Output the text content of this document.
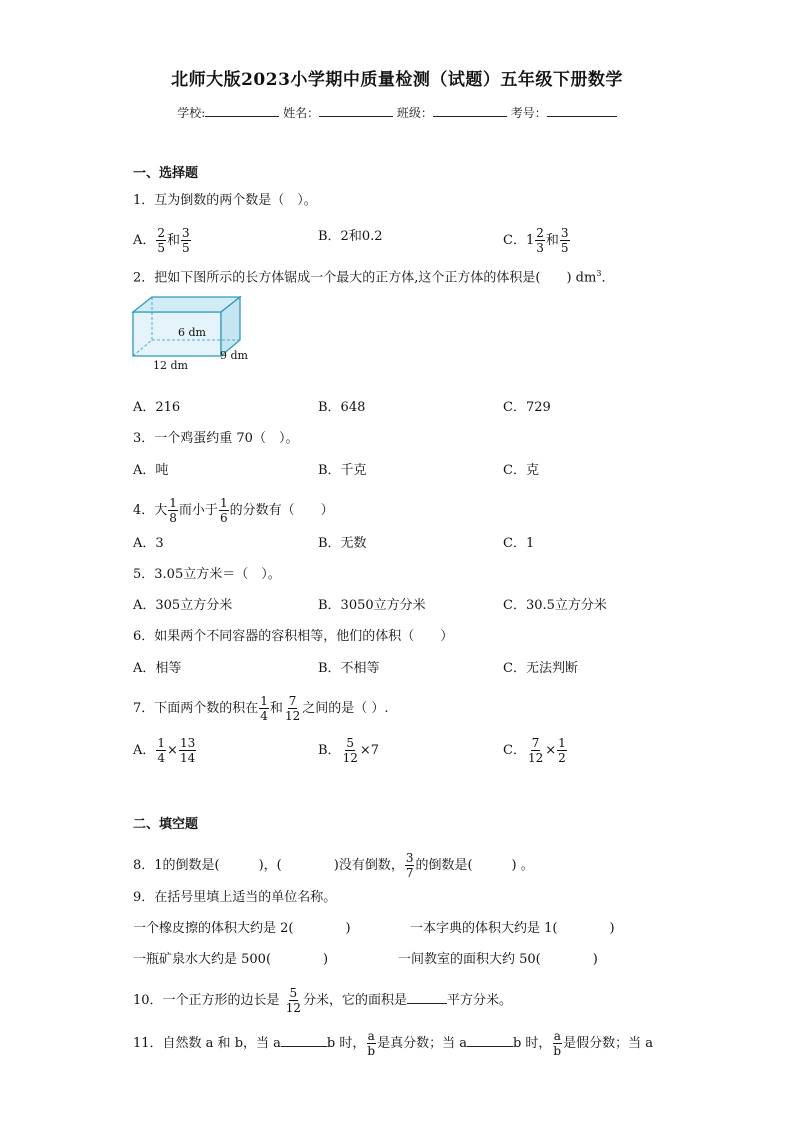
北师大版2023小学期中质量检测（试题）五年级下册数学
学校:	姓名：	班级：	考号：
一、选择题
1．互为倒数的两个数是（　）。
A． $\frac{2}{5}$ 和 $\frac{3}{5}$	B．2和0.2	C．$1 \frac{2}{3}$ 和 $\frac{3}{5}$
2．把如下图所示的长方体锯成一个最大的正方体,这个正方体的体积是(　　) $dm^3$．
6 dm
9 dm
12 dm
A．216	B．648	C．729
3．一个鸡蛋约重 70（　）。
A．吨	B．千克	C．克
4．大 $\frac{1}{8}$ 而小于 $\frac{1}{6}$ 的分数有（　　）
A．3	B．无数	C．1
5．3.05立方米＝（　）。
A．305立方分米	B．3050立方分米	C．30.5立方分米
6．如果两个不同容器的容积相等，他们的体积（　　）
A．相等	B．不相等	C．无法判断
7．下面两个数的积在 $\frac{1}{4}$ 和 $\frac{7}{12}$ 之间的是（ ）.
A． $\frac{1}{4} \times \frac{13}{14}$	B． $\frac{5}{12} \times 7$	C． $\frac{7}{12} \times \frac{1}{2}$
二、填空题
8．1的倒数是(　　　)，(　　　　)没有倒数， $\frac{3}{7}$ 的倒数是(　　　) 。
9．在括号里填上适当的单位名称。
一个橡皮擦的体积大约是 2(　　　　)	一本字典的体积大约是 1(　　　　)
一瓶矿泉水大约是 500(　　　　)	一间教室的面积大约 50(　　　　)
10．一个正方形的边长是 $\frac{5}{12}$ 分米，它的面积是	平方分米。
11．自然数 a 和 b，当 a	b 时， $\frac{a}{b}$ 是真分数；当 a	b 时， $\frac{a}{b}$ 是假分数；当 a
